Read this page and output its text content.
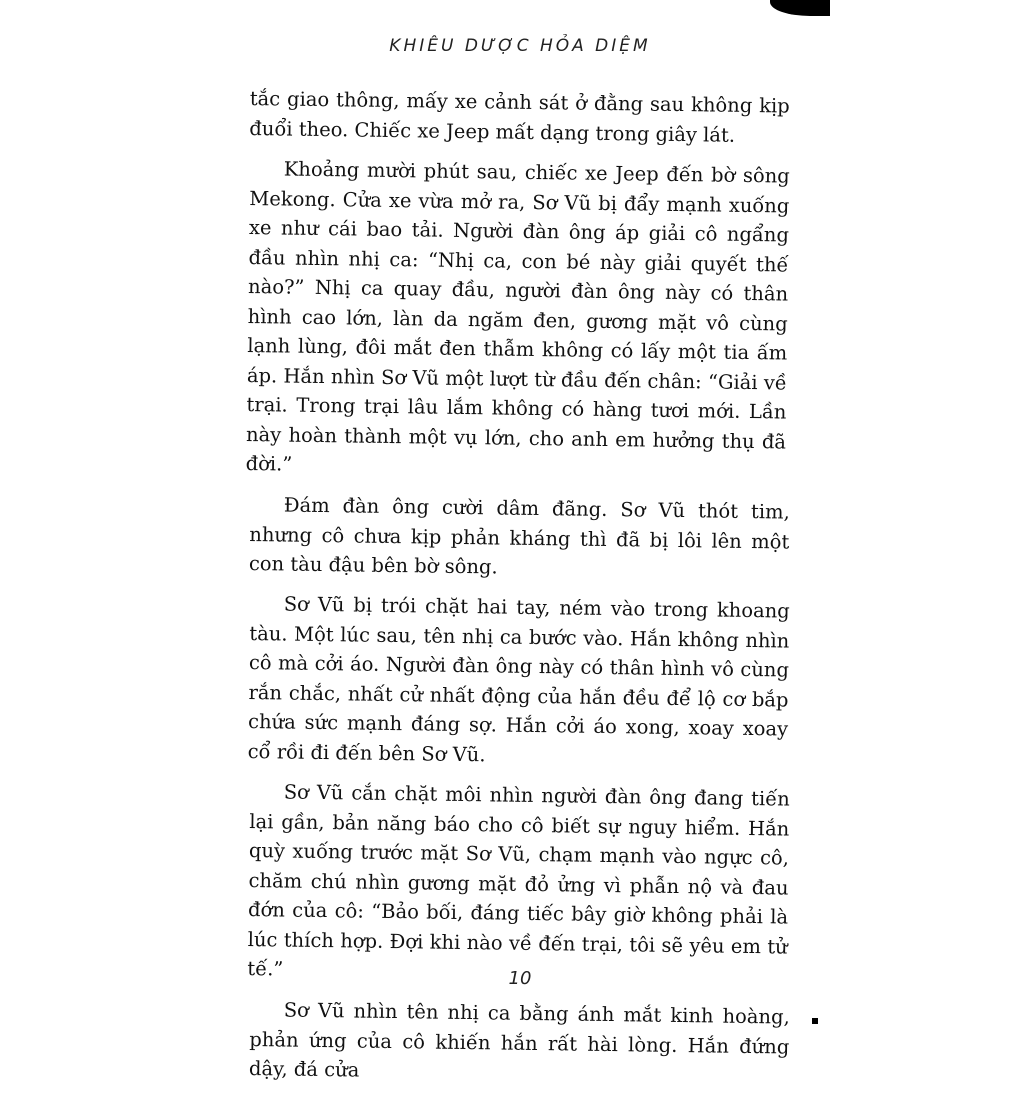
KHIÊU DƯỢC HỎA DIỆM

tắc giao thông, mấy xe cảnh sát ở đằng sau không kịp đuổi theo. Chiếc xe Jeep mất dạng trong giây lát.

Khoảng mười phút sau, chiếc xe Jeep đến bờ sông Mekong. Cửa xe vừa mở ra, Sơ Vũ bị đẩy mạnh xuống xe như cái bao tải. Người đàn ông áp giải cô ngẩng đầu nhìn nhị ca: “Nhị ca, con bé này giải quyết thế nào?” Nhị ca quay đầu, người đàn ông này có thân hình cao lớn, làn da ngăm đen, gương mặt vô cùng lạnh lùng, đôi mắt đen thẫm không có lấy một tia ấm áp. Hắn nhìn Sơ Vũ một lượt từ đầu đến chân: “Giải về trại. Trong trại lâu lắm không có hàng tươi mới. Lần này hoàn thành một vụ lớn, cho anh em hưởng thụ đã đời.”

Đám đàn ông cười dâm đãng. Sơ Vũ thót tim, nhưng cô chưa kịp phản kháng thì đã bị lôi lên một con tàu đậu bên bờ sông.

Sơ Vũ bị trói chặt hai tay, ném vào trong khoang tàu. Một lúc sau, tên nhị ca bước vào. Hắn không nhìn cô mà cởi áo. Người đàn ông này có thân hình vô cùng rắn chắc, nhất cử nhất động của hắn đều để lộ cơ bắp chứa sức mạnh đáng sợ. Hắn cởi áo xong, xoay xoay cổ rồi đi đến bên Sơ Vũ.

Sơ Vũ cắn chặt môi nhìn người đàn ông đang tiến lại gần, bản năng báo cho cô biết sự nguy hiểm. Hắn quỳ xuống trước mặt Sơ Vũ, chạm mạnh vào ngực cô, chăm chú nhìn gương mặt đỏ ửng vì phẫn nộ và đau đớn của cô: “Bảo bối, đáng tiếc bây giờ không phải là lúc thích hợp. Đợi khi nào về đến trại, tôi sẽ yêu em tử tế.”

Sơ Vũ nhìn tên nhị ca bằng ánh mắt kinh hoàng, phản ứng của cô khiến hắn rất hài lòng. Hắn đứng dậy, đá cửa

10
